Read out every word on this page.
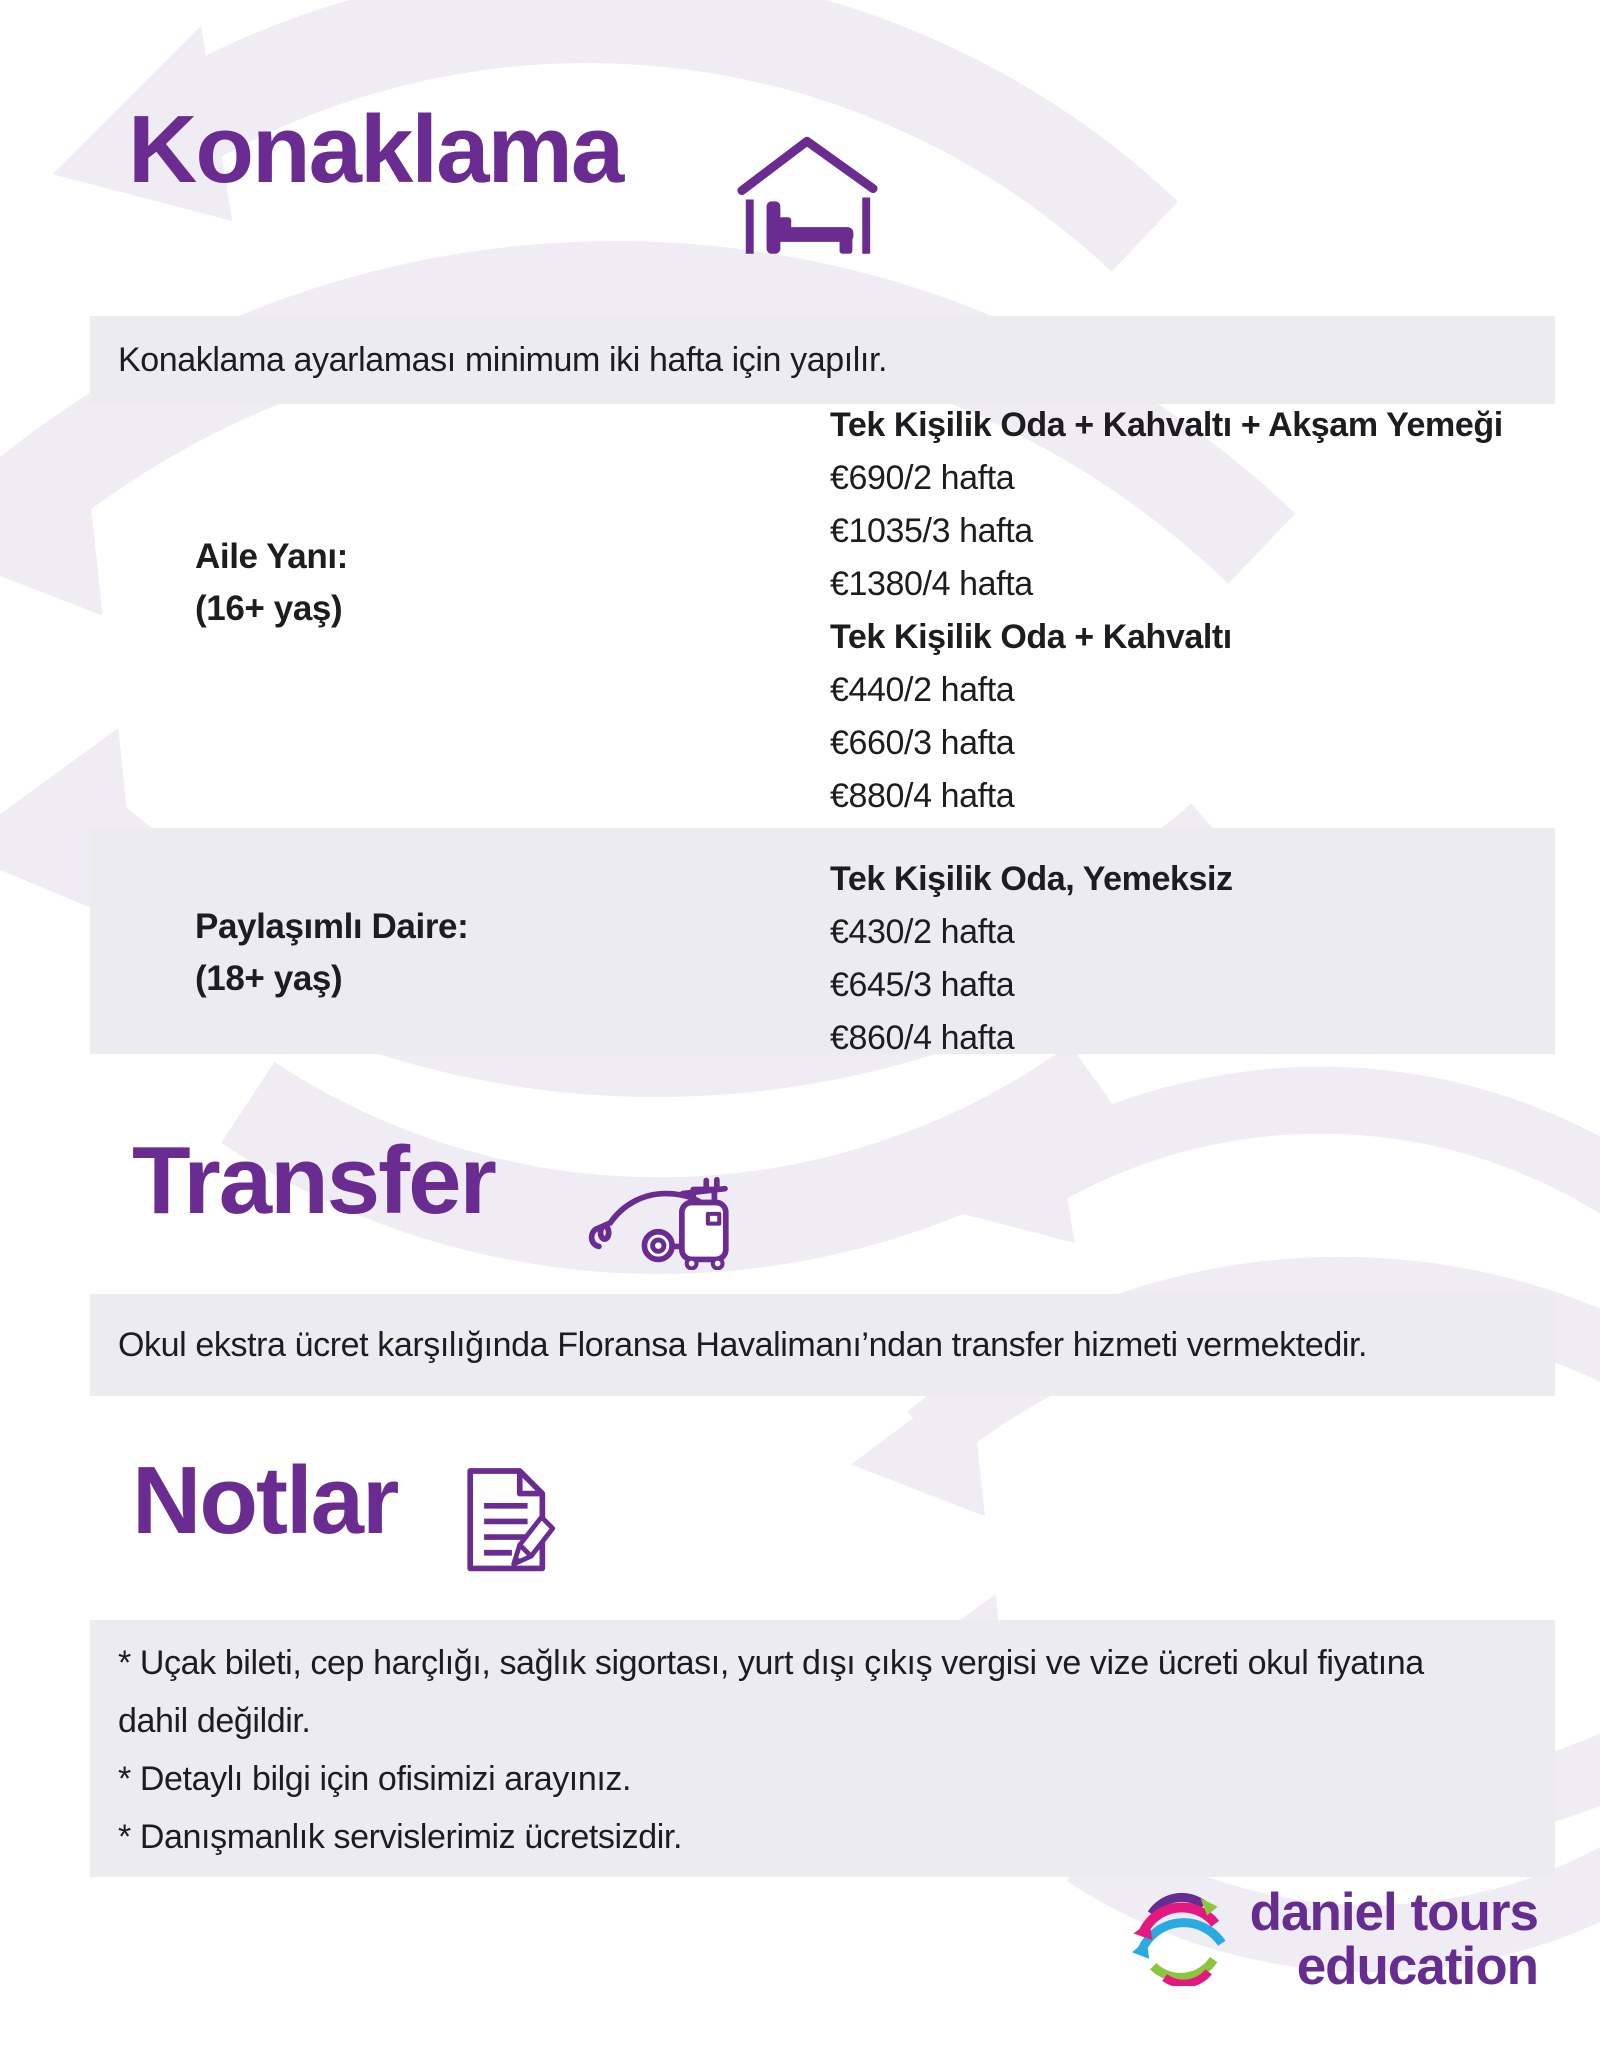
Konaklama
Konaklama ayarlaması minimum iki hafta için yapılır.
Aile Yanı:
(16+ yaş)
Tek Kişilik Oda + Kahvaltı + Akşam Yemeği
€690/2 hafta
€1035/3 hafta
€1380/4 hafta
Tek Kişilik Oda + Kahvaltı
€440/2 hafta
€660/3 hafta
€880/4 hafta
Paylaşımlı Daire:
(18+ yaş)
Tek Kişilik Oda, Yemeksiz
€430/2 hafta
€645/3 hafta
€860/4 hafta
Transfer
Okul ekstra ücret karşılığında Floransa Havalimanı’ndan transfer hizmeti vermektedir.
Notlar
* Uçak bileti, cep harçlığı, sağlık sigortası, yurt dışı çıkış vergisi ve vize ücreti okul fiyatına
dahil değildir.
* Detaylı bilgi için ofisimizi arayınız.
* Danışmanlık servislerimiz ücretsizdir.
daniel tours
education
